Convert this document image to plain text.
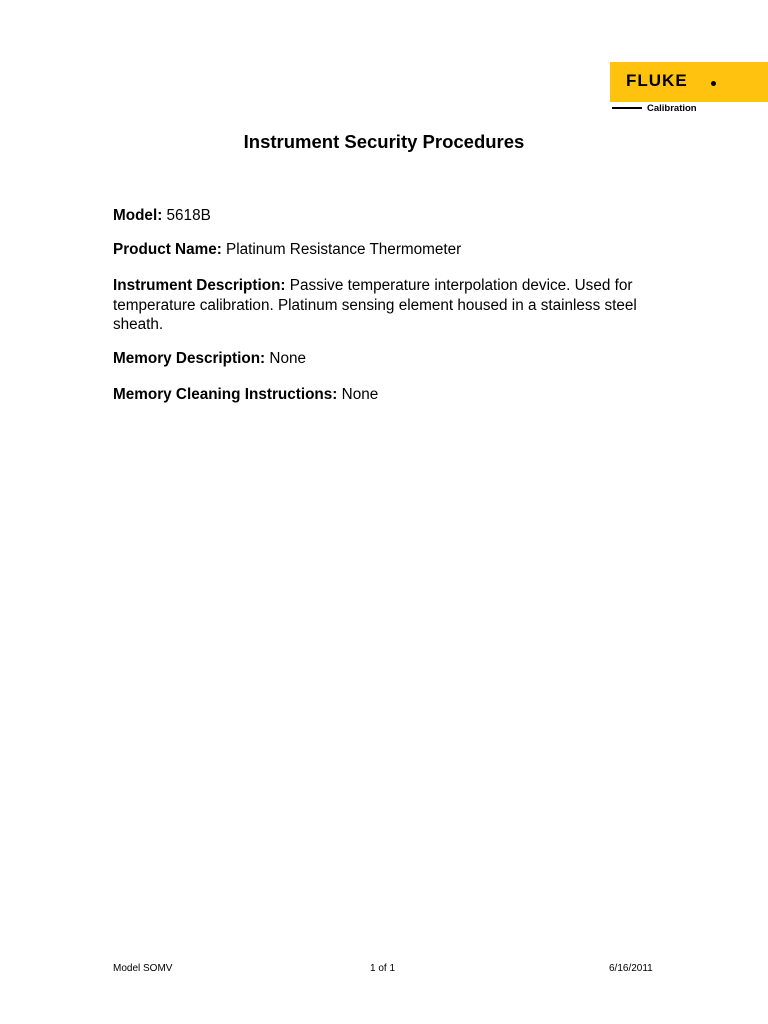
FLUKE
Calibration
Instrument Security Procedures
Model: 5618B
Product Name: Platinum Resistance Thermometer
Instrument Description: Passive temperature interpolation device. Used for temperature calibration. Platinum sensing element housed in a stainless steel sheath.
Memory Description: None
Memory Cleaning Instructions: None
Model SOMV	1 of 1	6/16/2011
